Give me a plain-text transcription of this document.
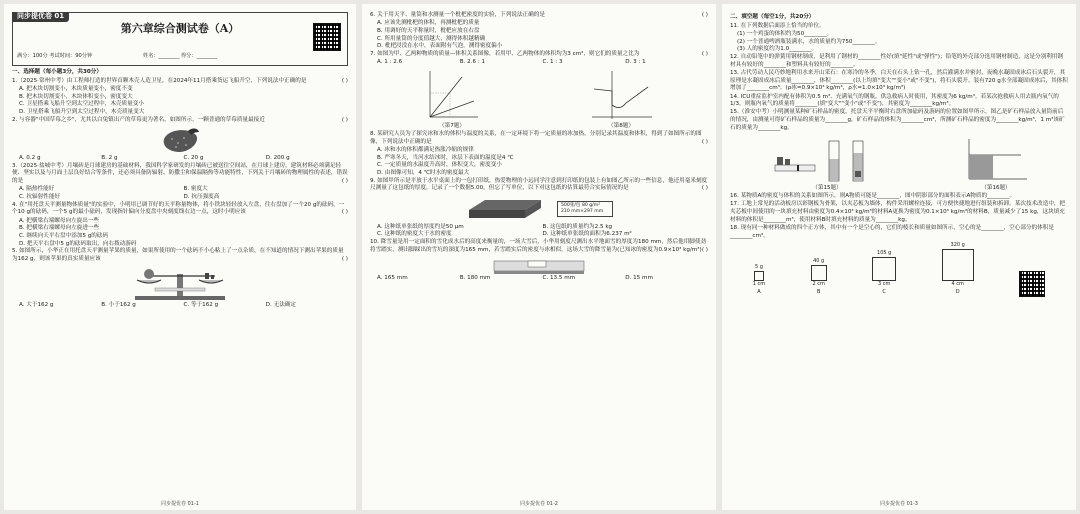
同步提优卷 01
第六章综合测试卷（A）
满分：100分 考试时间：90分钟	姓名：________ 得分：________
一、选择题（每小题3分，共30分）
1.（2025·常州中考）由工程师打造的世界首颗木壳人造卫星，在2024年11月搭乘货运飞船升空，下列说法中正确的是	( )
A. 把木块切割变小，木块质量变小，密度不变
B. 把木块切割变小，木块体积变小，密度变大
C. 卫星搭乘飞船升空到太空过程中，木壳质量变小
D. 卫星搭乘飞船升空到太空过程中，木壳质量变大
2. 与容器"中国草莓之乡"，尤其以白兔镇出产的草莓更为著名，如图所示，一颗普通的草莓质量最接近	( )
A. 0.2 g	B. 2 g	C. 20 g	D. 200 g
3.（2025·盐城中考）月壤砖是月球建房的基础材料，我国科学家研发的月壤砖已被送往空间站，在月球上建房，建筑材料必须满足轻便、坚实以及与月面土层良好结合等条件，还必须具备防辐射、防撒尘和保温隔热等功能特性，下列关于月壤砖的物理属性的表述，错误的是	( )
A. 隔热性能好	B. 密度大
C. 抗辐射性能好	D. 抗压强度高
4. 在"用托盘天平测量物体质量"的实验中，小明用已调节好的天平称量物体，将小铁块轻轻放入左盘，往右盘加了一个20 g的砝码，一个10 g的砝码，一个5 g的最小砝码，发现指针偏向分度盘中央刻度线右边一点，这时小明应该	( )
A. 把横梁右端螺母向左旋出一些
B. 把横梁右端螺母向左旋进一些
C. 继续向天平右盘中添加5 g的砝码
D. 把天平右盘中5 g的砝码取出，向右拨动游码
5. 如图所示，小华正在用托盘天平测量苹果的质量，如果所使用的一个砝码不小心粘上了一点杂质，在不知道的情况下测出苹果的质量为162 g，则该苹果的真实质量应该	( )
A. 大于162 g	B. 小于162 g	C. 等于162 g	D. 无法确定
同步提优卷 01-1
6. 关于用天平、量筒和水测量一个枇杷密度的实验，下列说法正确的是	( )
A. 应该先测枇杷的体积，再测枇杷的质量
B. 用调好的天平称量时，枇杷应放在右盘
C. 所用量筒的分度值越大，测得体积越精确
D. 枇杷浸没在水中，表面附有气泡，测得密度偏小
7. 如图为甲、乙两种物质的质量—体积关系图像，若用甲、乙两物体的体积均为3 cm³，则它们的质量之比为	( )
A. 1 : 2.6	B. 2.6 : 1	C. 1 : 3	D. 3 : 1
（第7题）	（第8题）
8. 某研究人员为了探究冰和水的体积与温度的关系，在一定环境下将一定质量的冰加热，分别记录其温度和体积，得到了如图所示的图像，下列说法中正确的是	( )
A. 冰和水的体积都满足热胀冷缩的规律
B. 严寒冬天，当河水结冰时，冰层下表面的温度是4 ℃
C. 一定质量的水温度升高时，体积变大，密度变小
D. 由图像可知，4 ℃时水的密度最大
9. 如图甲所示是平放于水平桌面上的一包打印纸，热爱物理的小远同学注意到打印纸的包装上有如图乙所示的一些信息，他还用毫米刻度尺测量了这包纸的厚度，记录了一个数据5.00，但忘了写单位，以下对这包纸的估算最符合实际情况的是	( )
500张/包 80 g/m² 210 mm×297 mm
A. 这种纸单张纸的厚度约是50 μm	B. 这包纸的质量约为2.5 kg
C. 这种纸的密度大于水的密度	D. 这种纸单张纸的面积为6.237 m²
10. 降雪量是用一定面积的雪化成水后的高度来衡量的，一场大雪后，小华用刻度尺测出水平地面雪的厚度为180 mm，然后他用脚使劲将雪踏实，测出脚踩出的雪坑的深度为165 mm，若雪踏实后的密度与冰相似，这场大雪的降雪量为(已知冰的密度为0.9×10³ kg/m³) ( )
A. 165 mm	B. 180 mm	C. 13.5 mm	D. 15 mm
同步提优卷 01-2
二、填空题（每空1分，共20分）
11. 在下列数据后面添上恰当的单位。
(1) 一个鸡蛋的体积约为50________。
(2) 一个普通啤酒瓶装满水，水的质量约为750________。
(3) 人的密度约为1.0________。
12. 自动铅笔中的弹簧用钢材制成，是利用了钢材的________性好(填"延性"或"弹性")；铅笔的外壳部分选用钢材制造，这是分别利用钢材具有较好的________和塑料具有较好的________。
13. 古代劳动人民巧妙地利用水来开山采石：在寒冷的冬季，白天在石头上钻一孔，然后灌满水并密封，夜晚水凝固成冰后石头裂开，其原理是水凝固成冰后质量________，体积________(以上均填"变大""变小"或"不变")，将石头裂开。装有720 g水全部凝固成冰后，其体积增加了________cm³。(ρ冰=0.9×10³ kg/m³，ρ水=1.0×10³ kg/m³)
14. ICU重症监护室内配有体积为0.5 m³、充满氧气的钢瓶，供急救病人时使用，其密度为6 kg/m³。若某次抢救病人用去瓶内氧气的1/3，则瓶内氧气的质量将________(填"变大""变小"或"不变")，其密度为________kg/m³。
15.（淮安中考）小明测量某种矿石样品的密度，托盘天平平衡时右盘所加砝码及游码的位置如图甲所示，图乙是矿石样品放入量筒前后的情况，由测量可得矿石样品的质量为________g，矿石样品的体积为________cm³，所测矿石样品的密度为________kg/m³，1 m³该矿石的质量为________kg。
（第15题）	（第16题）
16. 某物质A的密度与体积的关系如图所示，则A物质可能是________，图中阴影部分的面积表示A物质的________。
17. 工地上常见的活动板房以彩钢板为骨架，以夹芯板为墙体，构件采用螺栓连接，可方便快捷地进行组装和拆卸。某次技术改造中，把夹芯板中间使用的一块填充材料由密度为0.4×10³ kg/m³的材料A更换为密度为0.1×10³ kg/m³的材料B，质量减少了15 kg，这块填充材料的体积是________m³，使用材料B时填充材料的质量为________kg。
18. 现有同一种材料做成的四个正方体，其中有一个是空心的，它们的棱长和质量如图所示，空心的是________，空心部分的体积是________cm³。
5 g
1 cm
A
40 g
2 cm
B
105 g
3 cm
C
320 g
4 cm
D
同步提优卷 01-3
